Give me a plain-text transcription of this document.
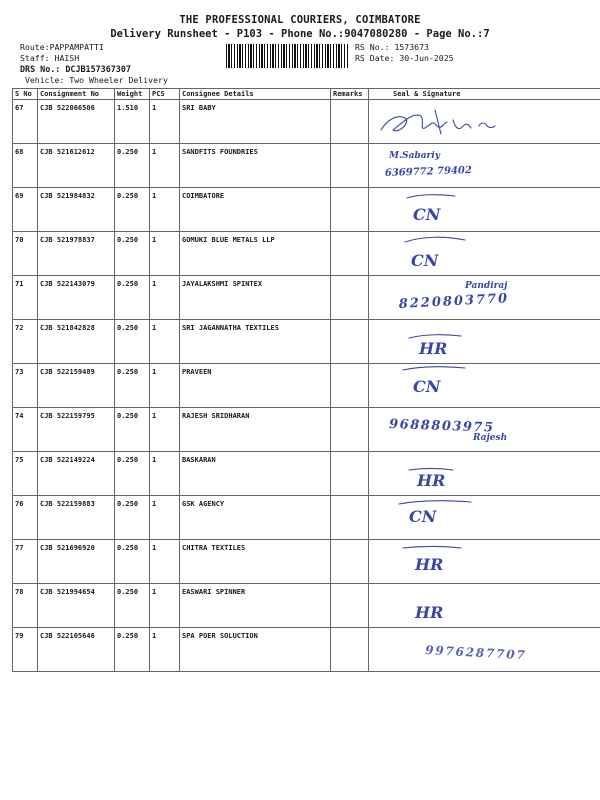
THE PROFESSIONAL COURIERS, COIMBATORE
Delivery Runsheet - P103 - Phone No.:9047080280 - Page No.:7
Route:PAPPAMPATTI
Staff: HAISH
DRS No.: DCJB157367307
Vehicle: Two Wheeler Delivery
RS No.: 1573673
RS Date: 30-Jun-2025
S No	Consignment No	Weight	PCS	Consignee Details	Remarks	Seal & Signature
67	CJB 522066506	1.510	1	SRI BABY		

68	CJB 521612612	0.250	1	SANDFITS FOUNDRIES		M.Sabariy
6369772 79402

69	CJB 521984832	0.250	1	COIMBATORE		CN

70	CJB 521978837	0.250	1	GOMUKI BLUE METALS LLP		CN

71	CJB 522143079	0.250	1	JAYALAKSHMI SPINTEX		Pandiraj
8220803770

72	CJB 521842828	0.250	1	SRI JAGANNATHA TEXTILES		HR

73	CJB 522159489	0.250	1	PRAVEEN		CN

74	CJB 522159795	0.250	1	RAJESH SRIDHARAN		9688803975
Rajesh

75	CJB 522149224	0.250	1	BASKARAN		HR

76	CJB 522159883	0.250	1	GSK AGENCY		CN

77	CJB 521696920	0.250	1	CHITRA TEXTILES		HR

78	CJB 521994654	0.250	1	EASWARI SPINNER		HR

79	CJB 522105646	0.250	1	SPA POER SOLUCTION		9976287707
